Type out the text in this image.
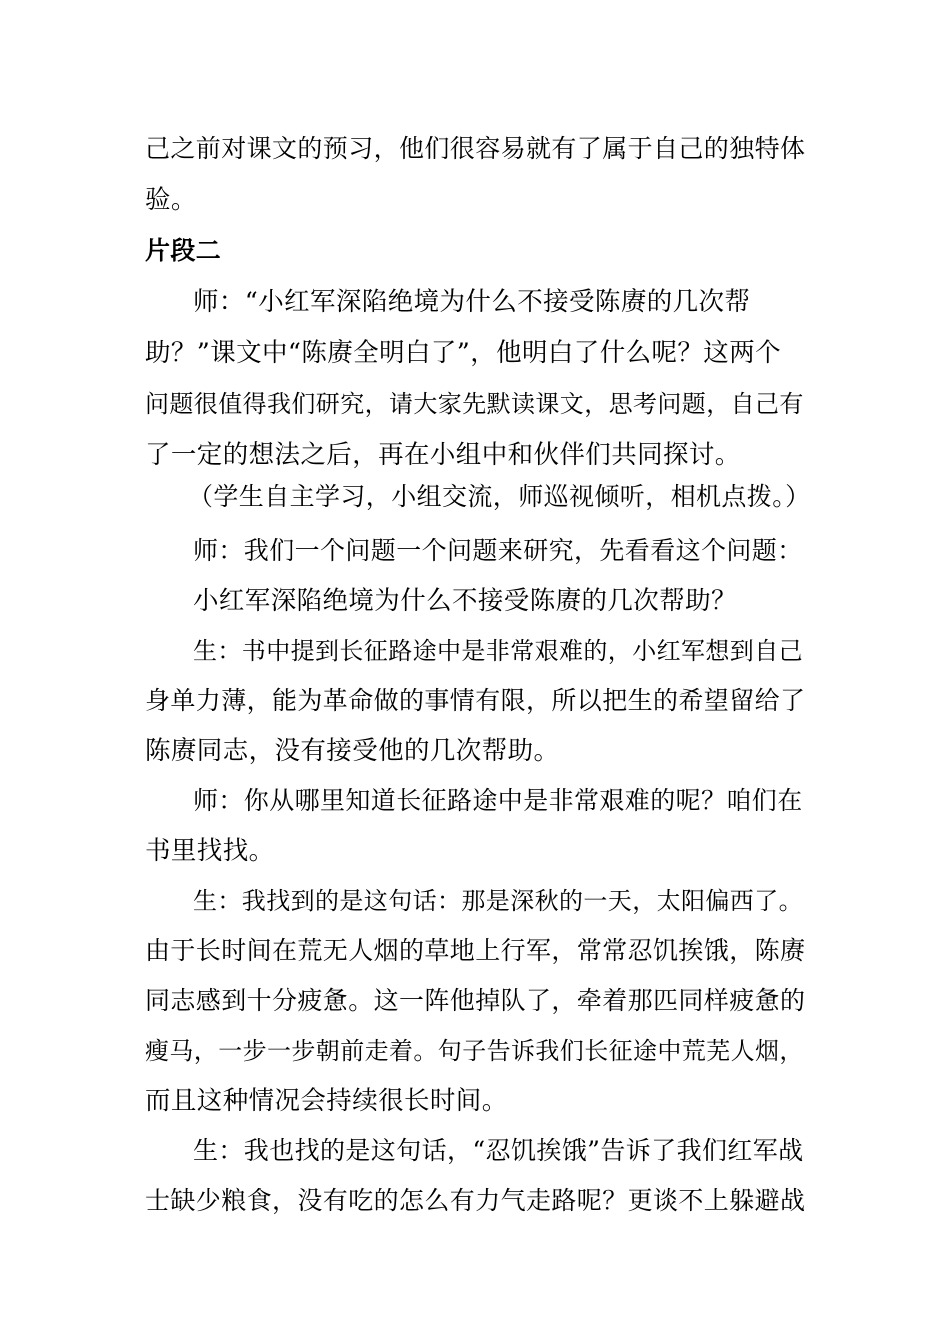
己之前对课文的预习，他们很容易就有了属于自己的独特体
验。
片段二
师：“小红军深陷绝境为什么不接受陈赓的几次帮
助？”课文中“陈赓全明白了”，他明白了什么呢？这两个
问题很值得我们研究，请大家先默读课文，思考问题，自己有
了一定的想法之后，再在小组中和伙伴们共同探讨。
（学生自主学习，小组交流，师巡视倾听，相机点拨。）
师：我们一个问题一个问题来研究，先看看这个问题：
小红军深陷绝境为什么不接受陈赓的几次帮助？
生：书中提到长征路途中是非常艰难的，小红军想到自己
身单力薄，能为革命做的事情有限，所以把生的希望留给了
陈赓同志，没有接受他的几次帮助。
师：你从哪里知道长征路途中是非常艰难的呢？咱们在
书里找找。
生：我找到的是这句话：那是深秋的一天，太阳偏西了。
由于长时间在荒无人烟的草地上行军，常常忍饥挨饿，陈赓
同志感到十分疲惫。这一阵他掉队了，牵着那匹同样疲惫的
瘦马，一步一步朝前走着。句子告诉我们长征途中荒芜人烟，
而且这种情况会持续很长时间。
生：我也找的是这句话，“忍饥挨饿”告诉了我们红军战
士缺少粮食，没有吃的怎么有力气走路呢？更谈不上躲避战
